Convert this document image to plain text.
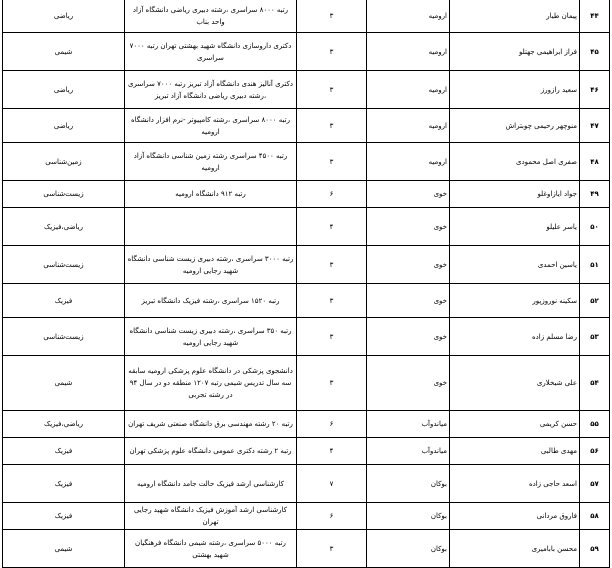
۴۴	پیمان طیار	ارومیه	۳	رتبه ۸۰۰۰ سراسری ،رشته دبیری ریاضی دانشگاه آزاد واحد بناب	ریاضی
۴۵	فراز ابراهیمی جهتلو	ارومیه	۳	دکتری داروسازی دانشگاه شهید بهشتی تهران رتبه ۷۰۰۰ سراسری	شیمی
۴۶	سعید رازورز	ارومیه	۳	دکتری آنالیز هندی دانشگاه آزاد تبریز رتبه ۷۰۰۰ سراسری ،رشته دبیری ریاضی دانشگاه آزاد تبریز	ریاضی
۴۷	منوچهر رحیمی چوبتراش	ارومیه	۳	رتبه ۸۰۰۰ سراسری ،رشته کامپیوتر -نرم افزار دانشگاه ارومیه	ریاضی
۴۸	صفری اصل محمودی	ارومیه	۳	رتبه ۴۵۰۰ سراسری رشته زمین شناسی دانشگاه آزاد ارومیه	زمین‌شناسی
۴۹	جواد ایازاوغلو	خوی	۶	رتبه ۹۱۲ دانشگاه ارومیه	زیست‌شناسی
۵۰	یاسر علیلو	خوی	۴		ریاضی،فیزیک
۵۱	یاسین احمدی	خوی	۳	رتبه ۳۰۰۰ سراسری ،رشته دبیری زیست شناسی دانشگاه شهید رجایی ارومیه	زیست‌شناسی
۵۲	سکینه نوروزپور	خوی	۳	رتبه ۱۵۲۰ سراسری ،رشته فیزیک دانشگاه تبریز	فیزیک
۵۳	رضا مسلم زاده	خوی	۳	رتبه ۳۵۰ سراسری ،رشته دبیری زیست شناسی دانشگاه شهید رجایی ارومیه	زیست‌شناسی
۵۴	علی شیخلاری	خوی	۳	دانشجوی پزشکی در دانشگاه علوم پزشکی ارومیه سابقه سه سال تدریس شیمی رتبه ۱۲۰۷ منطقه دو در سال ۹۴ در رشته تجربی	شیمی
۵۵	حسن کریمی	میاندوآب	۶	رتبه ۲۰ رشته مهندسی برق دانشگاه صنعتی شریف تهران	ریاضی،فیزیک
۵۶	مهدی طالبی	میاندوآب	۴	رتبه ۲ رشته دکتری عمومی دانشگاه علوم پزشکی تهران	فیزیک
۵۷	اسعد حاجی زاده	بوکان	۷	کارشناسی ارشد فیزیک حالت جامد دانشگاه ارومیه	فیزیک
۵۸	فاروق مردانی	بوکان	۶	کارشناسی ارشد آموزش فیزیک دانشگاه شهید رجایی تهران	فیزیک
۵۹	محسن بابامیری	بوکان	۳	رتبه ۵۰۰۰ سراسری ،رشته شیمی دانشگاه فرهنگیان شهید بهشتی	شیمی
